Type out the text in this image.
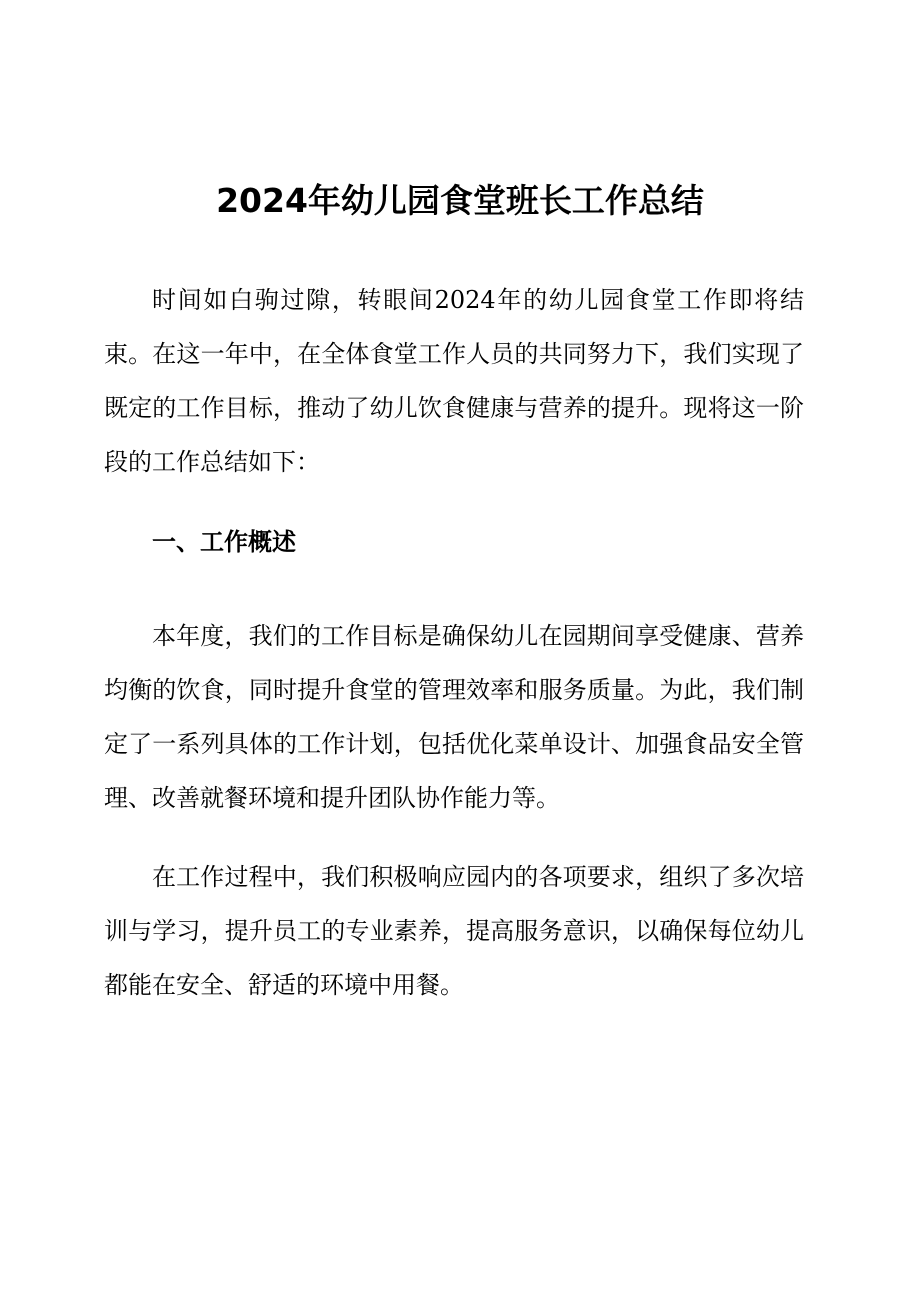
2024年幼儿园食堂班长工作总结

时间如白驹过隙，转眼间2024年的幼儿园食堂工作即将结束。在这一年中，在全体食堂工作人员的共同努力下，我们实现了既定的工作目标，推动了幼儿饮食健康与营养的提升。现将这一阶段的工作总结如下：

一、工作概述

本年度，我们的工作目标是确保幼儿在园期间享受健康、营养均衡的饮食，同时提升食堂的管理效率和服务质量。为此，我们制定了一系列具体的工作计划，包括优化菜单设计、加强食品安全管理、改善就餐环境和提升团队协作能力等。

在工作过程中，我们积极响应园内的各项要求，组织了多次培训与学习，提升员工的专业素养，提高服务意识，以确保每位幼儿都能在安全、舒适的环境中用餐。
